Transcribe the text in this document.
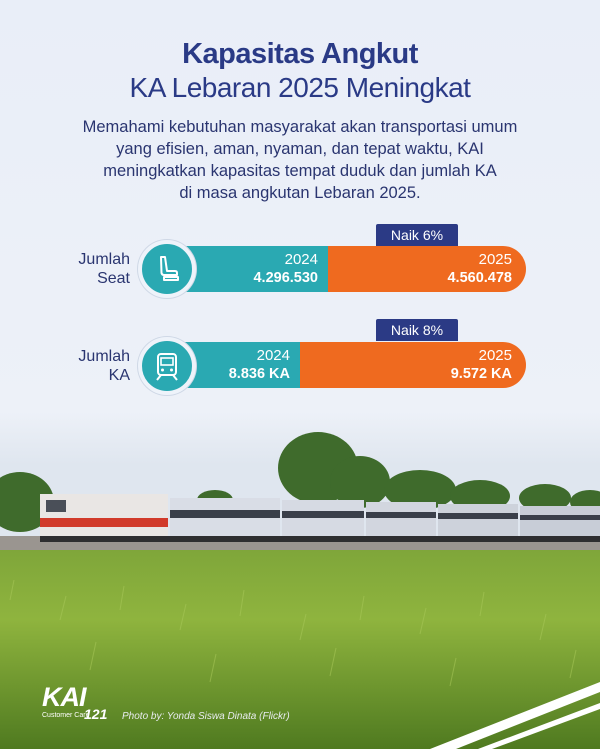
Kapasitas Angkut
KA Lebaran 2025 Meningkat
Memahami kebutuhan masyarakat akan transportasi umum
yang efisien, aman, nyaman, dan tepat waktu, KAI
meningkatkan kapasitas tempat duduk dan jumlah KA
di masa angkutan Lebaran 2025.
Jumlah
Seat
Naik 6%
2024
4.296.530
2025
4.560.478
Jumlah
KA
Naik 8%
2024
8.836 KA
2025
9.572 KA
KAI
Customer Care
121 Photo by: Yonda Siswa Dinata (Flickr)
